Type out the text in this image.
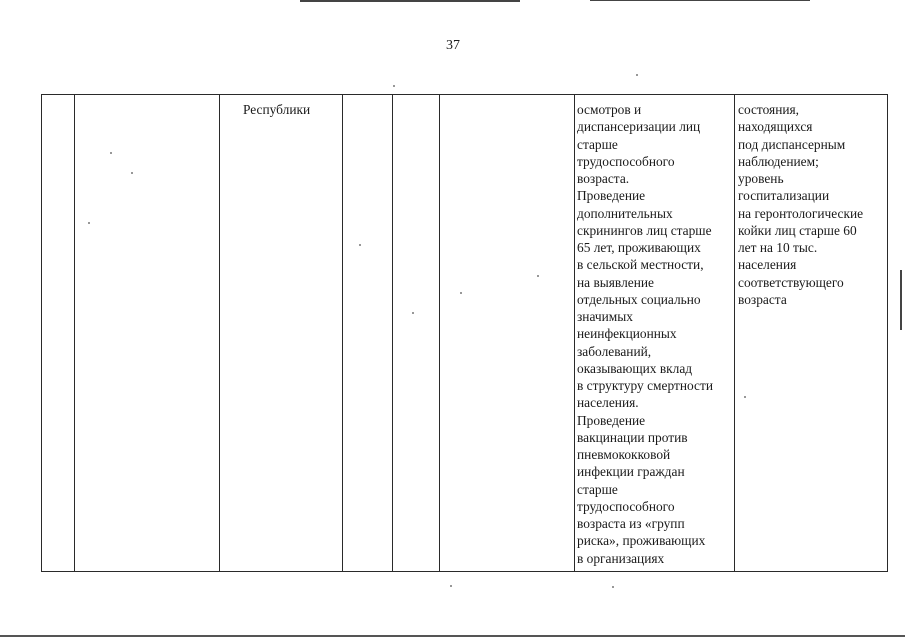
37
Республики	осмотров и
диспансеризации лиц
старше
трудоспособного
возраста.
Проведение
дополнительных
скринингов лиц старше
65 лет, проживающих
в сельской местности,
на выявление
отдельных социально
значимых
неинфекционных
заболеваний,
оказывающих вклад
в структуру смертности
населения.
Проведение
вакцинации против
пневмококковой
инфекции граждан
старше
трудоспособного
возраста из «групп
риска», проживающих
в организациях
состояния,
находящихся
под диспансерным
наблюдением;
уровень
госпитализации
на геронтологические
койки лиц старше 60
лет на 10 тыс.
населения
соответствующего
возраста
